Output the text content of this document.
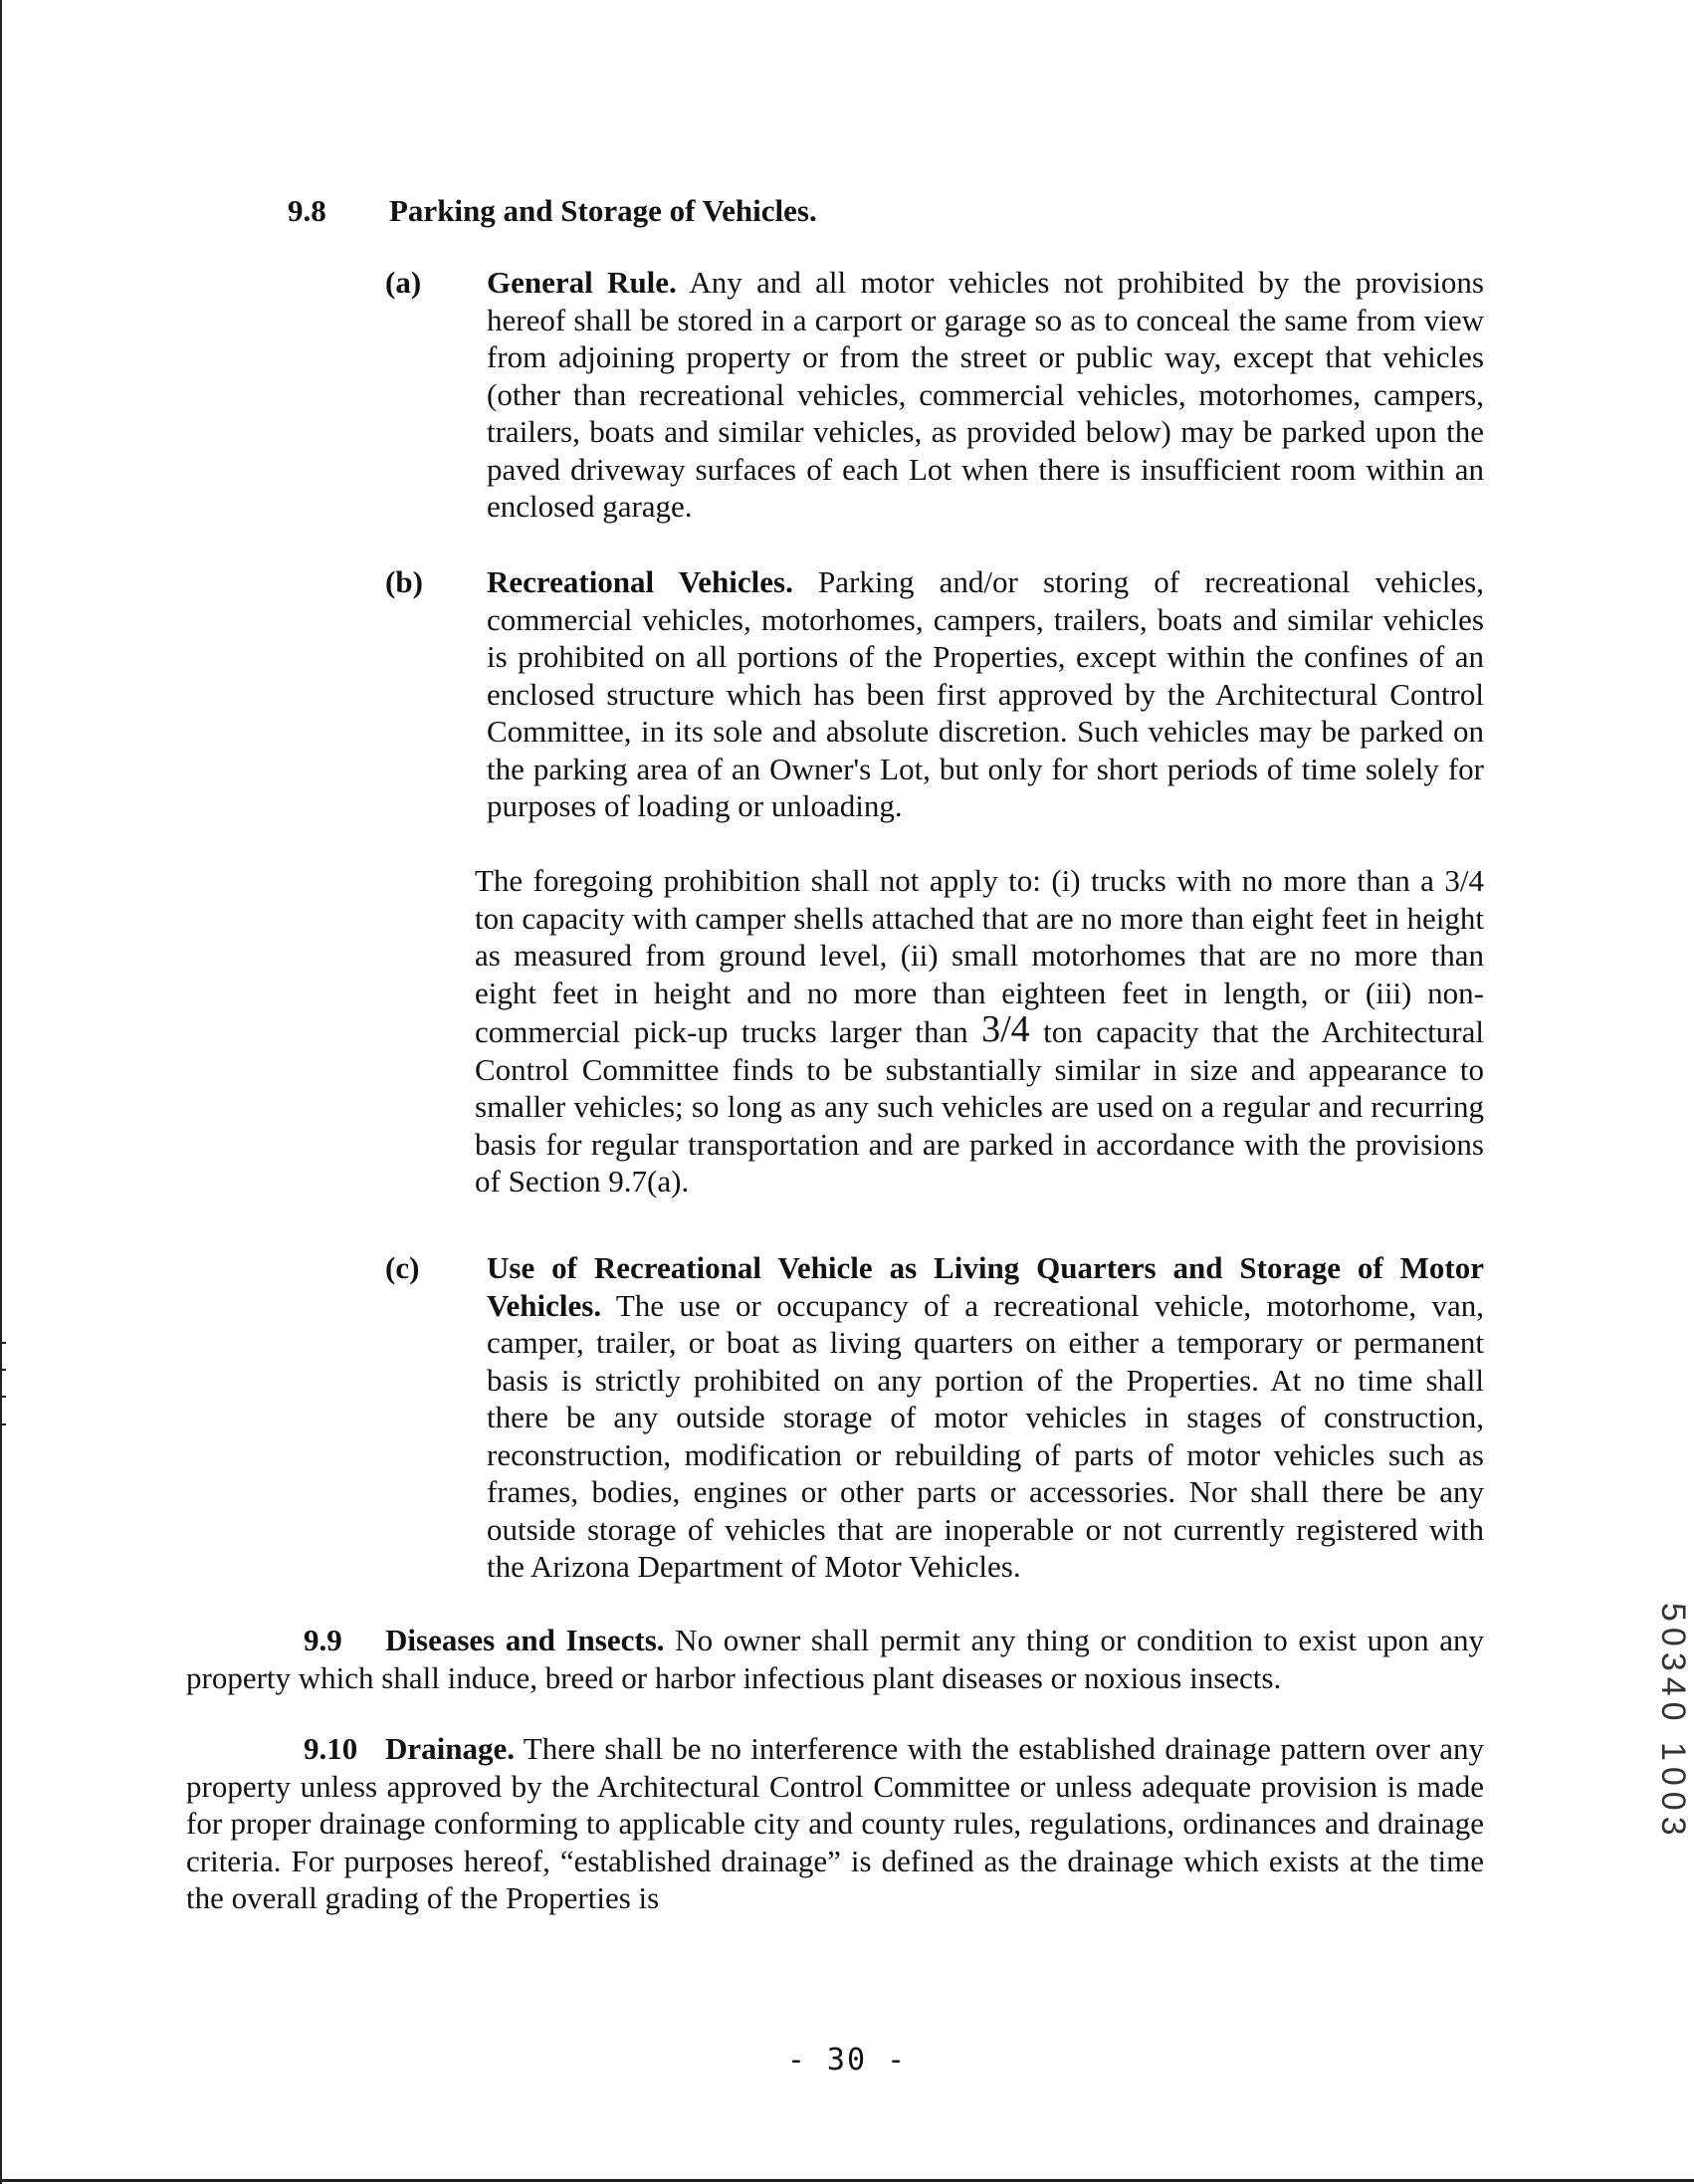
9.8 Parking and Storage of Vehicles.
(a) General Rule. Any and all motor vehicles not prohibited by the provisions hereof shall be stored in a carport or garage so as to conceal the same from view from adjoining property or from the street or public way, except that vehicles (other than recreational vehicles, commercial vehicles, motorhomes, campers, trailers, boats and similar vehicles, as provided below) may be parked upon the paved driveway surfaces of each Lot when there is insufficient room within an enclosed garage.
(b) Recreational Vehicles. Parking and/or storing of recreational vehicles, commercial vehicles, motorhomes, campers, trailers, boats and similar vehicles is prohibited on all portions of the Properties, except within the confines of an enclosed structure which has been first approved by the Architectural Control Committee, in its sole and absolute discretion. Such vehicles may be parked on the parking area of an Owner's Lot, but only for short periods of time solely for purposes of loading or unloading.
The foregoing prohibition shall not apply to: (i) trucks with no more than a 3/4 ton capacity with camper shells attached that are no more than eight feet in height as measured from ground level, (ii) small motorhomes that are no more than eight feet in height and no more than eighteen feet in length, or (iii) non-commercial pick-up trucks larger than 3/4 ton capacity that the Architectural Control Committee finds to be substantially similar in size and appearance to smaller vehicles; so long as any such vehicles are used on a regular and recurring basis for regular transportation and are parked in accordance with the provisions of Section 9.7(a).
(c) Use of Recreational Vehicle as Living Quarters and Storage of Motor Vehicles. The use or occupancy of a recreational vehicle, motorhome, van, camper, trailer, or boat as living quarters on either a temporary or permanent basis is strictly prohibited on any portion of the Properties. At no time shall there be any outside storage of motor vehicles in stages of construction, reconstruction, modification or rebuilding of parts of motor vehicles such as frames, bodies, engines or other parts or accessories. Nor shall there be any outside storage of vehicles that are inoperable or not currently registered with the Arizona Department of Motor Vehicles.
9.9 Diseases and Insects. No owner shall permit any thing or condition to exist upon any property which shall induce, breed or harbor infectious plant diseases or noxious insects.
9.10 Drainage. There shall be no interference with the established drainage pattern over any property unless approved by the Architectural Control Committee or unless adequate provision is made for proper drainage conforming to applicable city and county rules, regulations, ordinances and drainage criteria. For purposes hereof, “established drainage” is defined as the drainage which exists at the time the overall grading of the Properties is
- 30 -
50340 1003
